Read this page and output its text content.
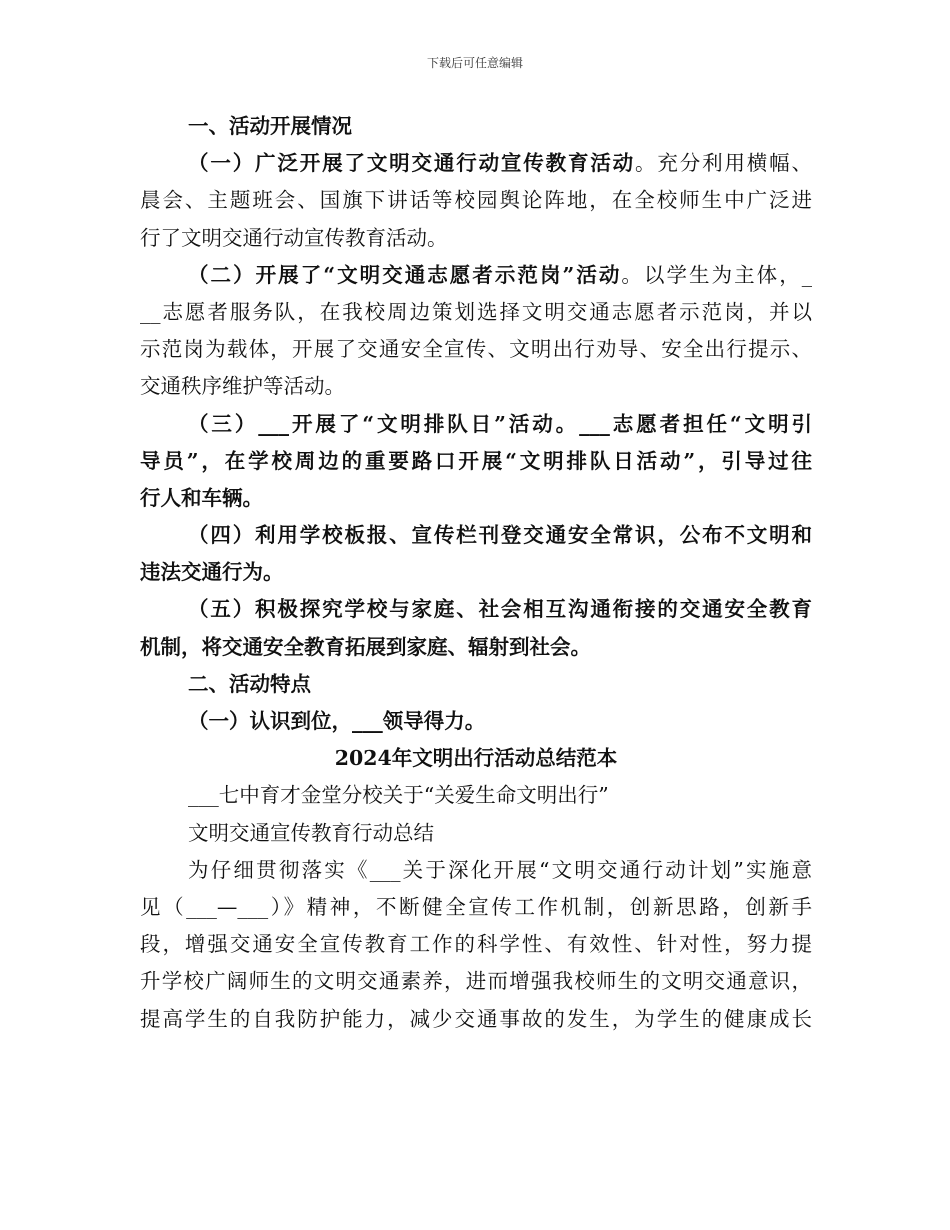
下载后可任意编辑
一、活动开展情况
（一）广泛开展了文明交通行动宣传教育活动。充分利用横幅、
晨会、主题班会、国旗下讲话等校园舆论阵地，在全校师生中广泛进
行了文明交通行动宣传教育活动。
（二）开展了“文明交通志愿者示范岗”活动。以学生为主体，_
__志愿者服务队，在我校周边策划选择文明交通志愿者示范岗，并以
示范岗为载体，开展了交通安全宣传、文明出行劝导、安全出行提示、
交通秩序维护等活动。
（三）___开展了“文明排队日”活动。___志愿者担任“文明引
导员”，在学校周边的重要路口开展“文明排队日活动”，引导过往
行人和车辆。
（四）利用学校板报、宣传栏刊登交通安全常识，公布不文明和
违法交通行为。
（五）积极探究学校与家庭、社会相互沟通衔接的交通安全教育
机制，将交通安全教育拓展到家庭、辐射到社会。
二、活动特点
（一）认识到位，___领导得力。
2024年文明出行活动总结范本
___七中育才金堂分校关于“关爱生命文明出行”
文明交通宣传教育行动总结
为仔细贯彻落实《___关于深化开展“文明交通行动计划”实施意
见（___—___）》精神，不断健全宣传工作机制，创新思路，创新手
段，增强交通安全宣传教育工作的科学性、有效性、针对性，努力提
升学校广阔师生的文明交通素养，进而增强我校师生的文明交通意识，
提高学生的自我防护能力，减少交通事故的发生，为学生的健康成长
